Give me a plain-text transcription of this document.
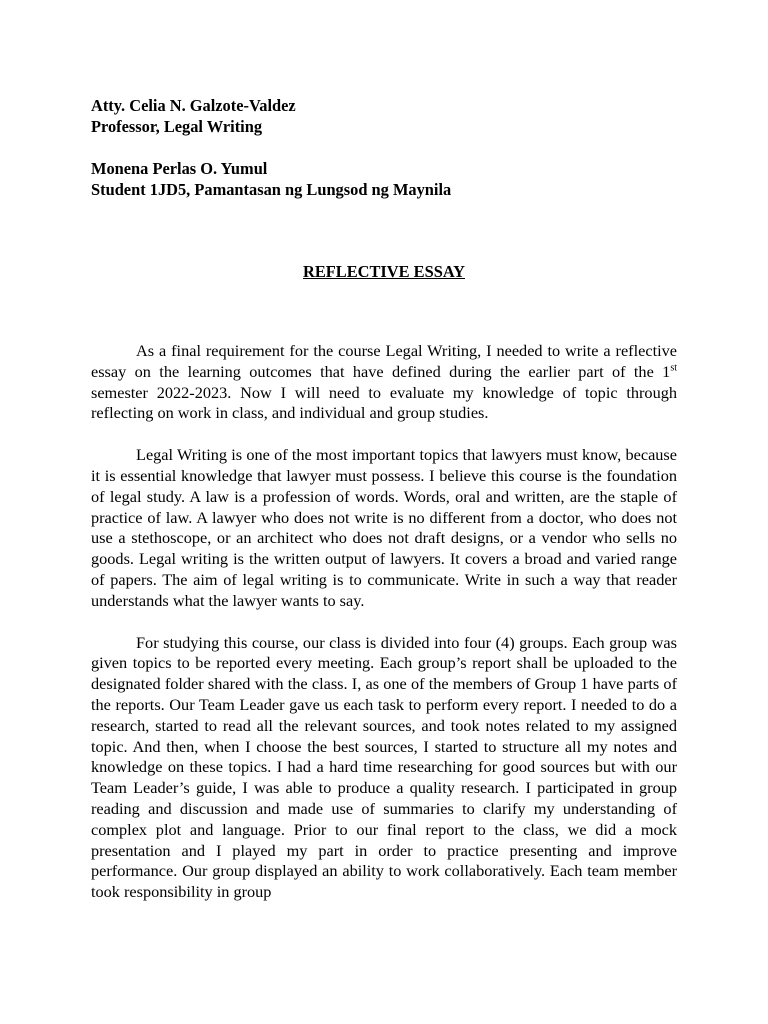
Atty. Celia N. Galzote-Valdez
Professor, Legal Writing
Monena Perlas O. Yumul
Student 1JD5, Pamantasan ng Lungsod ng Maynila
REFLECTIVE ESSAY

As a final requirement for the course Legal Writing, I needed to write a reflective essay on the learning outcomes that have defined during the earlier part of the 1st semester 2022-2023. Now I will need to evaluate my knowledge of topic through reflecting on work in class, and individual and group studies.

Legal Writing is one of the most important topics that lawyers must know, because it is essential knowledge that lawyer must possess. I believe this course is the foundation of legal study. A law is a profession of words. Words, oral and written, are the staple of practice of law. A lawyer who does not write is no different from a doctor, who does not use a stethoscope, or an architect who does not draft designs, or a vendor who sells no goods. Legal writing is the written output of lawyers. It covers a broad and varied range of papers. The aim of legal writing is to communicate. Write in such a way that reader understands what the lawyer wants to say.

For studying this course, our class is divided into four (4) groups. Each group was given topics to be reported every meeting. Each group’s report shall be uploaded to the designated folder shared with the class. I, as one of the members of Group 1 have parts of the reports. Our Team Leader gave us each task to perform every report. I needed to do a research, started to read all the relevant sources, and took notes related to my assigned topic. And then, when I choose the best sources, I started to structure all my notes and knowledge on these topics. I had a hard time researching for good sources but with our Team Leader’s guide, I was able to produce a quality research. I participated in group reading and discussion and made use of summaries to clarify my understanding of complex plot and language. Prior to our final report to the class, we did a mock presentation and I played my part in order to practice presenting and improve performance. Our group displayed an ability to work collaboratively. Each team member took responsibility in group
